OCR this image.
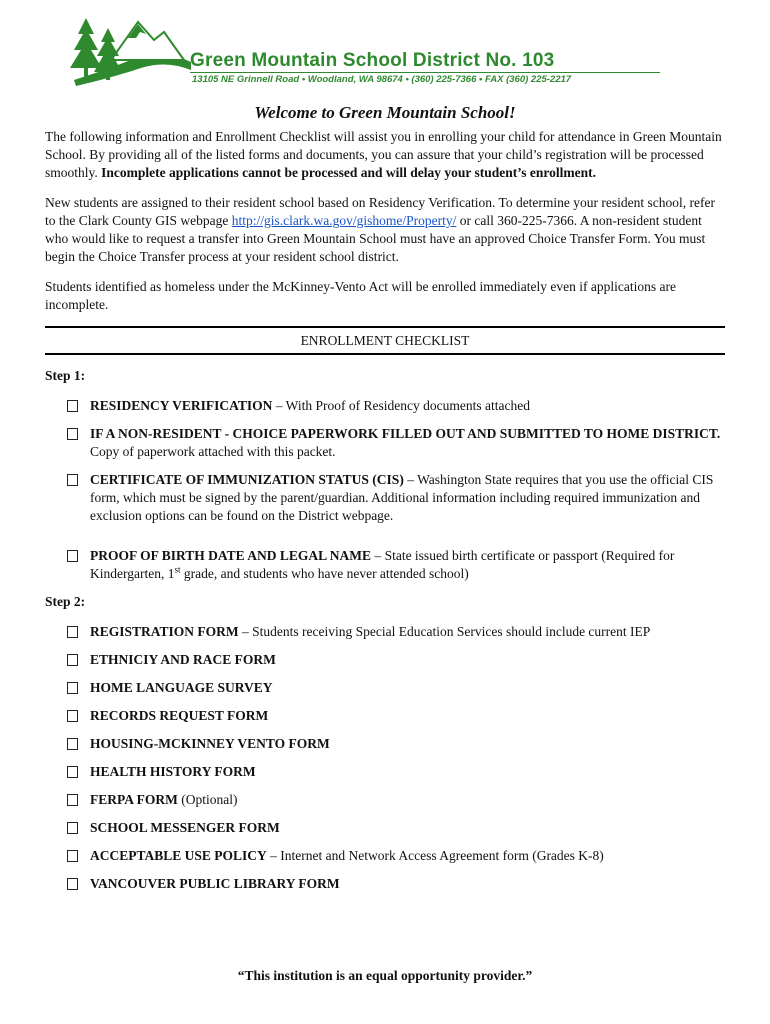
Green Mountain School District No. 103
13105 NE Grinnell Road • Woodland, WA 98674 • (360) 225-7366 • FAX (360) 225-2217
Welcome to Green Mountain School!

The following information and Enrollment Checklist will assist you in enrolling your child for attendance in Green Mountain School. By providing all of the listed forms and documents, you can assure that your child’s registration will be processed smoothly. Incomplete applications cannot be processed and will delay your student’s enrollment.

New students are assigned to their resident school based on Residency Verification. To determine your resident school, refer to the Clark County GIS webpage http://gis.clark.wa.gov/gishome/Property/ or call 360-225-7366. A non-resident student who would like to request a transfer into Green Mountain School must have an approved Choice Transfer Form. You must begin the Choice Transfer process at your resident school district.

Students identified as homeless under the McKinney-Vento Act will be enrolled immediately even if applications are incomplete.

ENROLLMENT CHECKLIST
Step 1:
RESIDENCY VERIFICATION – With Proof of Residency documents attached
IF A NON-RESIDENT - CHOICE PAPERWORK FILLED OUT AND SUBMITTED TO HOME DISTRICT. Copy of paperwork attached with this packet.
CERTIFICATE OF IMMUNIZATION STATUS (CIS) – Washington State requires that you use the official CIS form, which must be signed by the parent/guardian. Additional information including required immunization and exclusion options can be found on the District webpage.
PROOF OF BIRTH DATE AND LEGAL NAME – State issued birth certificate or passport (Required for Kindergarten, 1st grade, and students who have never attended school)
Step 2:
REGISTRATION FORM – Students receiving Special Education Services should include current IEP
ETHNICIY AND RACE FORM
HOME LANGUAGE SURVEY
RECORDS REQUEST FORM
HOUSING-MCKINNEY VENTO FORM
HEALTH HISTORY FORM
FERPA FORM (Optional)
SCHOOL MESSENGER FORM
ACCEPTABLE USE POLICY – Internet and Network Access Agreement form (Grades K-8)
VANCOUVER PUBLIC LIBRARY FORM
“This institution is an equal opportunity provider.”
